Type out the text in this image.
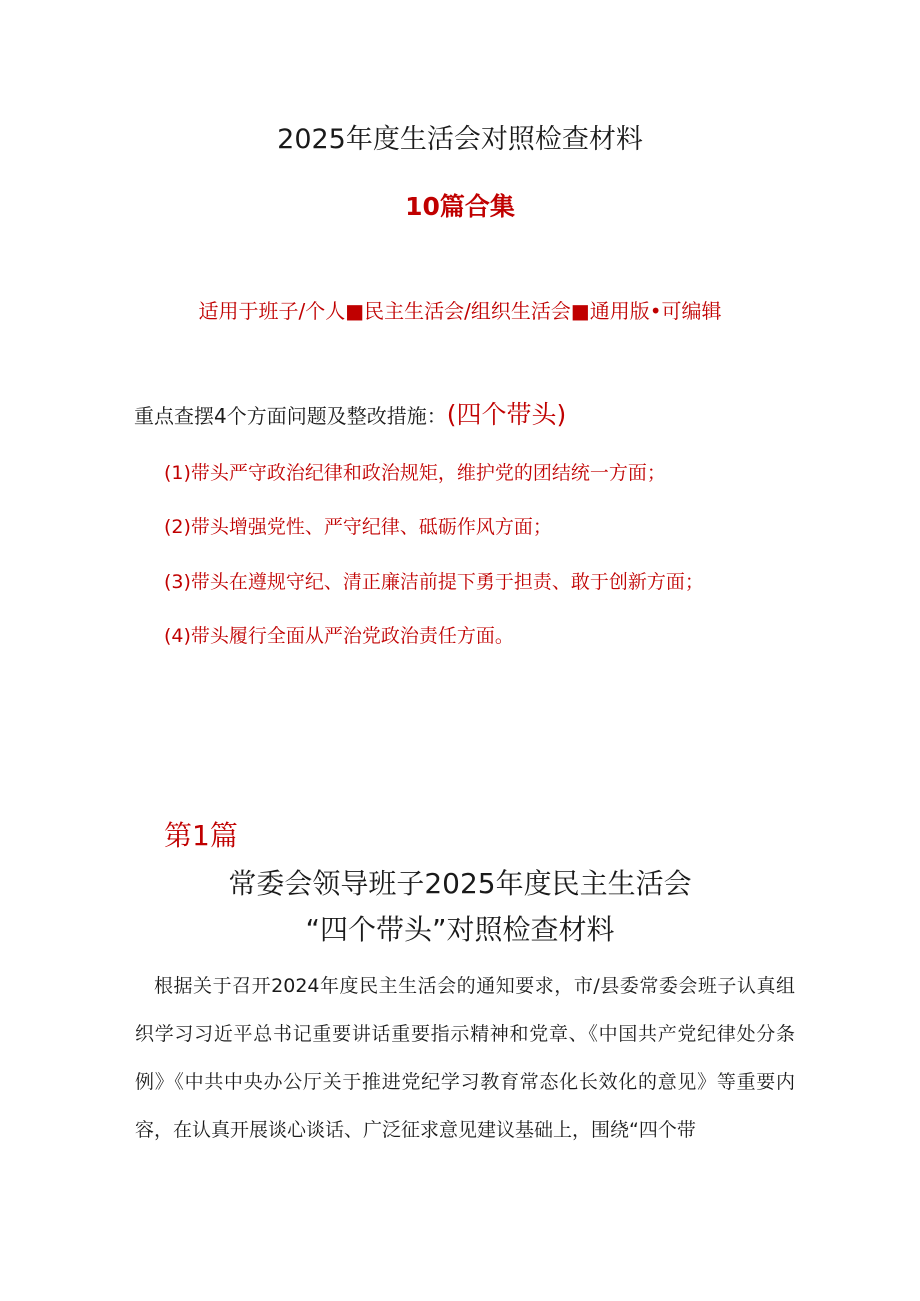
2025年度生活会对照检查材料
10篇合集
适用于班子/个人■民主生活会/组织生活会■通用版•可编辑
重点查摆4个方面问题及整改措施：(四个带头)
(1)带头严守政治纪律和政治规矩，维护党的团结统一方面；
(2)带头增强党性、严守纪律、砥砺作风方面；
(3)带头在遵规守纪、清正廉洁前提下勇于担责、敢于创新方面；
(4)带头履行全面从严治党政治责任方面。
第1篇
常委会领导班子2025年度民主生活会
“四个带头”对照检查材料

根据关于召开2024年度民主生活会的通知要求，市/县委常委会班子认真组织学习习近平总书记重要讲话重要指示精神和党章、《中国共产党纪律处分条例》《中共中央办公厅关于推进党纪学习教育常态化长效化的意见》等重要内容，在认真开展谈心谈话、广泛征求意见建议基础上，围绕“四个带
